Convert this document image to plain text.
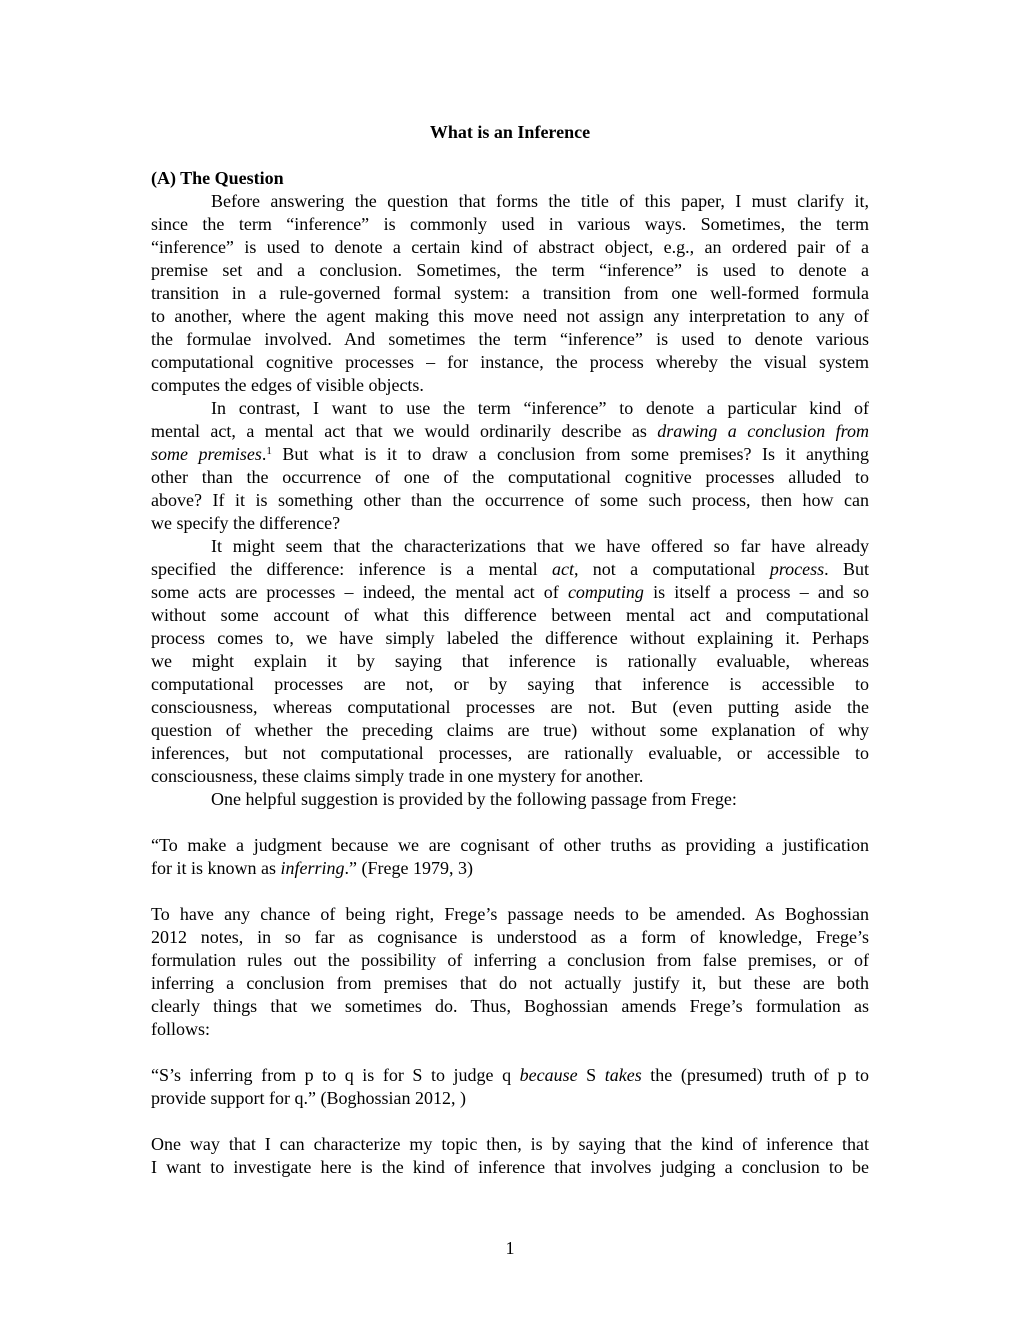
What is an Inference
(A) The Question
Before answering the question that forms the title of this paper, I must clarify it,
since the term “inference” is commonly used in various ways. Sometimes, the term
“inference” is used to denote a certain kind of abstract object, e.g., an ordered pair of a
premise set and a conclusion. Sometimes, the term “inference” is used to denote a
transition in a rule-governed formal system: a transition from one well-formed formula
to another, where the agent making this move need not assign any interpretation to any of
the formulae involved. And sometimes the term “inference” is used to denote various
computational cognitive processes – for instance, the process whereby the visual system
computes the edges of visible objects.
In contrast, I want to use the term “inference” to denote a particular kind of
mental act, a mental act that we would ordinarily describe as drawing a conclusion from
some premises.$^1$ But what is it to draw a conclusion from some premises? Is it anything
other than the occurrence of one of the computational cognitive processes alluded to
above? If it is something other than the occurrence of some such process, then how can
we specify the difference?
It might seem that the characterizations that we have offered so far have already
specified the difference: inference is a mental act, not a computational process. But
some acts are processes – indeed, the mental act of computing is itself a process – and so
without some account of what this difference between mental act and computational
process comes to, we have simply labeled the difference without explaining it. Perhaps
we might explain it by saying that inference is rationally evaluable, whereas
computational processes are not, or by saying that inference is accessible to
consciousness, whereas computational processes are not. But (even putting aside the
question of whether the preceding claims are true) without some explanation of why
inferences, but not computational processes, are rationally evaluable, or accessible to
consciousness, these claims simply trade in one mystery for another.
One helpful suggestion is provided by the following passage from Frege:
“To make a judgment because we are cognisant of other truths as providing a justification
for it is known as inferring.” (Frege 1979, 3)
To have any chance of being right, Frege’s passage needs to be amended. As Boghossian
2012 notes, in so far as cognisance is understood as a form of knowledge, Frege’s
formulation rules out the possibility of inferring a conclusion from false premises, or of
inferring a conclusion from premises that do not actually justify it, but these are both
clearly things that we sometimes do. Thus, Boghossian amends Frege’s formulation as
follows:
“S’s inferring from p to q is for S to judge q because S takes the (presumed) truth of p to
provide support for q.” (Boghossian 2012, )
One way that I can characterize my topic then, is by saying that the kind of inference that
I want to investigate here is the kind of inference that involves judging a conclusion to be
1
